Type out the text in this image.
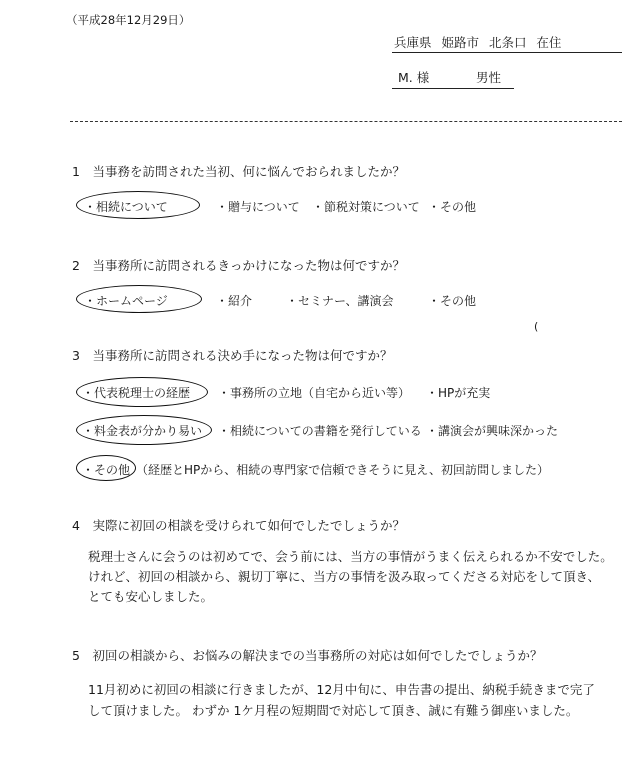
（平成28年12月29日）
兵庫県 姫路市 北条口 在住
M. 様	男性
1　当事務を訪問された当初、何に悩んでおられましたか？
・相続について	・贈与について ・節税対策について ・その他
2　当事務所に訪問されるきっかけになった物は何ですか？
・ホームページ	・紹介	・セミナー、講演会	・その他
(
3　当事務所に訪問される決め手になった物は何ですか？
・代表税理士の経歴 ・事務所の立地（自宅から近い等） ・HPが充実
・料金表が分かり易い ・相続についての書籍を発行している ・講演会が興味深かった
・その他 （経歴とHPから、相続の専門家で信頼できそうに見え、初回訪問しました）
4　実際に初回の相談を受けられて如何でしたでしょうか？
税理士さんに会うのは初めてで、会う前には、当方の事情がうまく伝えられるか不安でした。
けれど、初回の相談から、親切丁寧に、当方の事情を汲み取ってくださる対応をして頂き、
とても安心しました。
5　初回の相談から、お悩みの解決までの当事務所の対応は如何でしたでしょうか？
11月初めに初回の相談に行きましたが、12月中旬に、申告書の提出、納税手続きまで完了
して頂けました。 わずか 1ケ月程の短期間で対応して頂き、誠に有難う御座いました。
